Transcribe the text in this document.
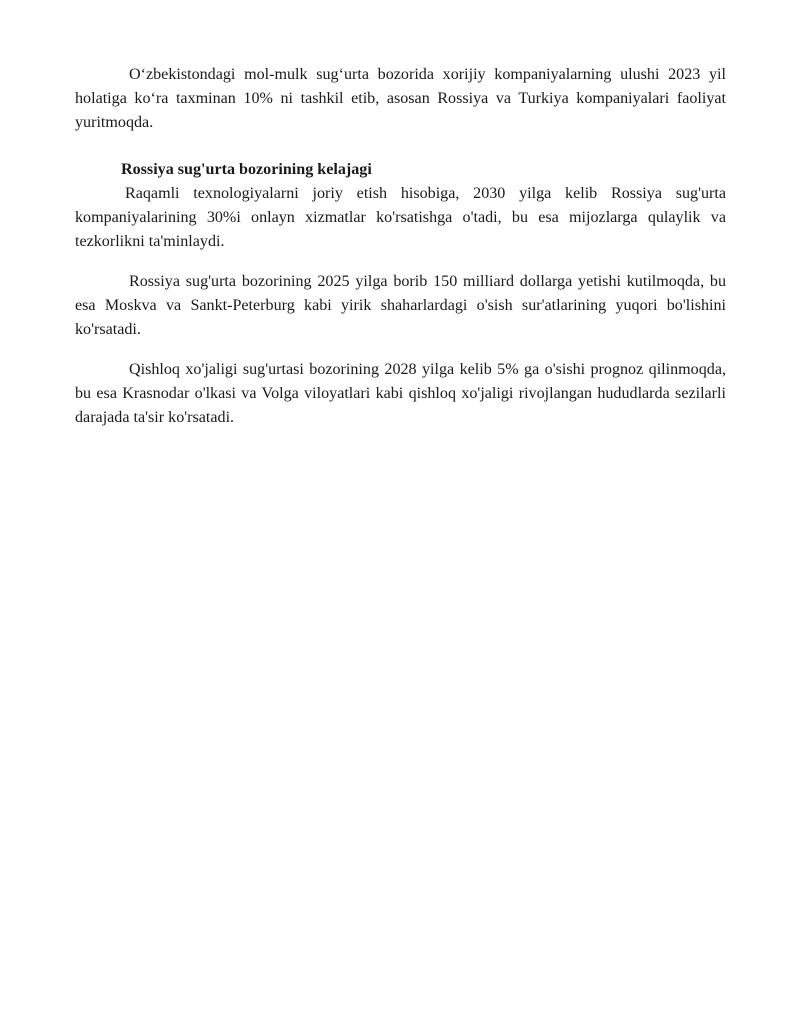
O‘zbekistondagi mol-mulk sug‘urta bozorida xorijiy kompaniyalarning ulushi 2023 yil holatiga ko‘ra taxminan 10% ni tashkil etib, asosan Rossiya va Turkiya kompaniyalari faoliyat yuritmoqda.

Rossiya sug'urta bozorining kelajagi

Raqamli texnologiyalarni joriy etish hisobiga, 2030 yilga kelib Rossiya sug'urta kompaniyalarining 30%i onlayn xizmatlar ko'rsatishga o'tadi, bu esa mijozlarga qulaylik va tezkorlikni ta'minlaydi.

Rossiya sug'urta bozorining 2025 yilga borib 150 milliard dollarga yetishi kutilmoqda, bu esa Moskva va Sankt-Peterburg kabi yirik shaharlardagi o'sish sur'atlarining yuqori bo'lishini ko'rsatadi.

Qishloq xo'jaligi sug'urtasi bozorining 2028 yilga kelib 5% ga o'sishi prognoz qilinmoqda, bu esa Krasnodar o'lkasi va Volga viloyatlari kabi qishloq xo'jaligi rivojlangan hududlarda sezilarli darajada ta'sir ko'rsatadi.
